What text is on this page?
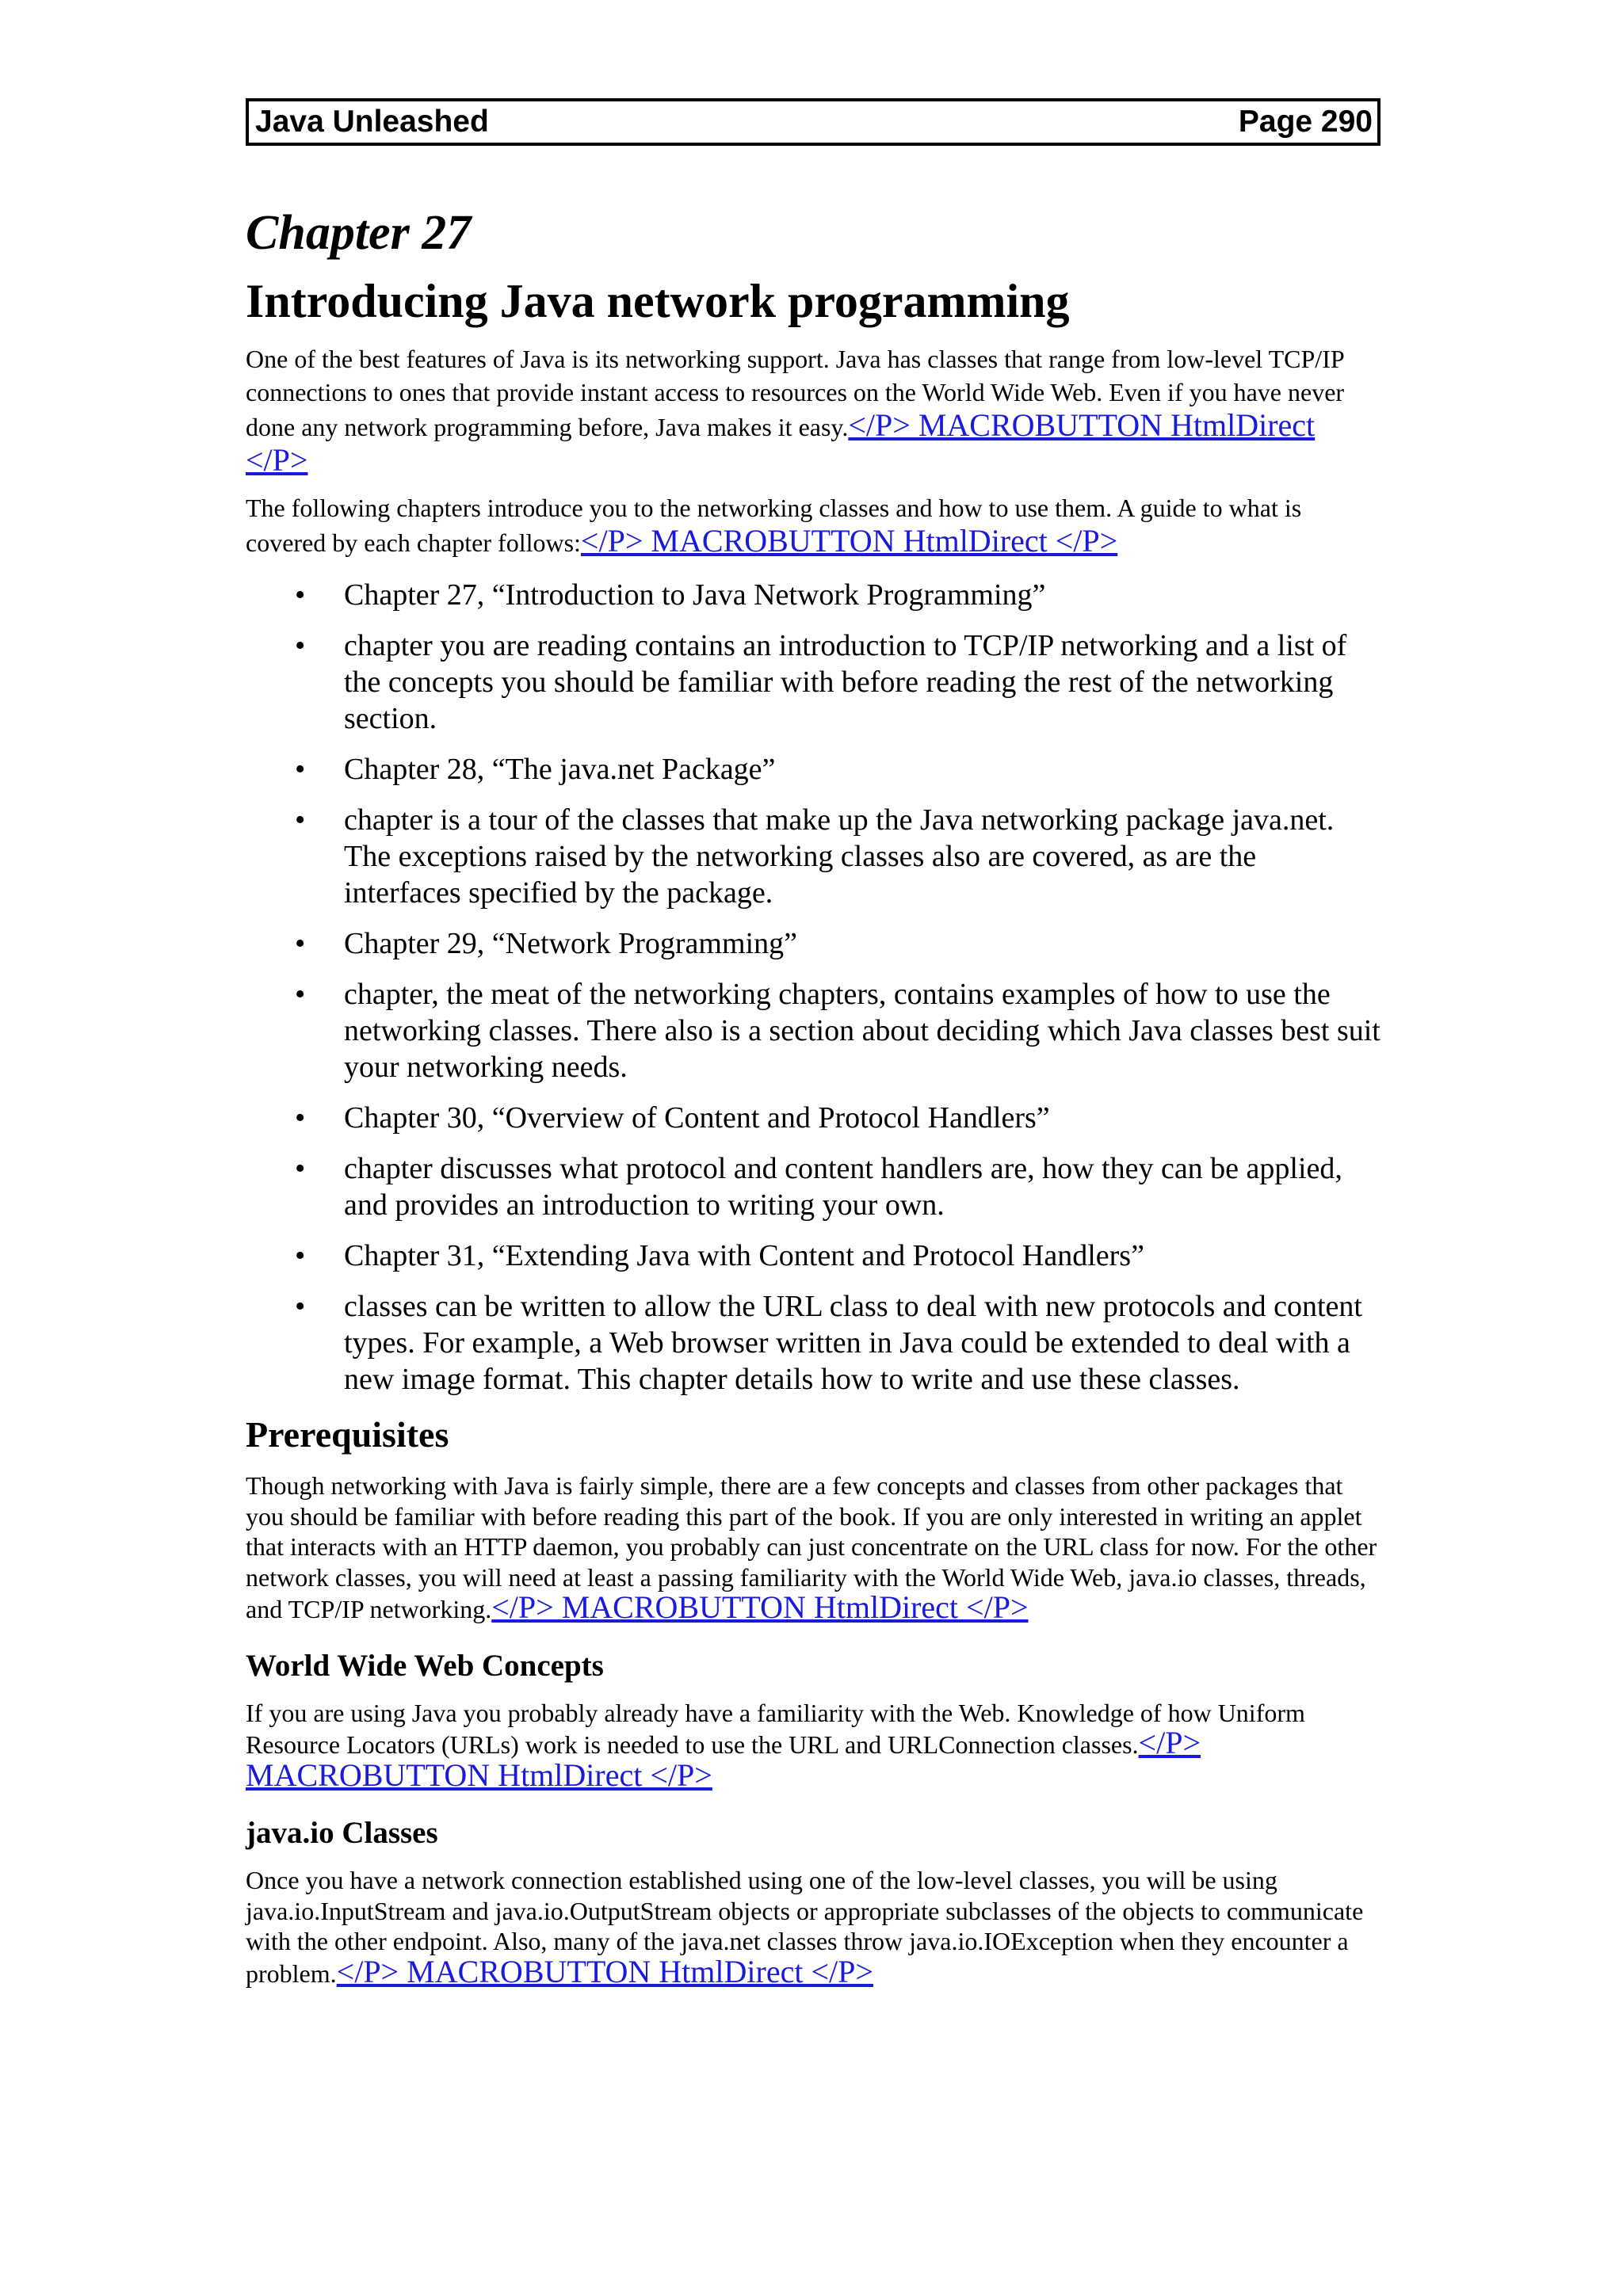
Java Unleashed	Page 290
Chapter 27
Introducing Java network programming

One of the best features of Java is its networking support. Java has classes that range from low-level TCP/IP connections to ones that provide instant access to resources on the World Wide Web. Even if you have never done any network programming before, Java makes it easy.</P> MACROBUTTON HtmlDirect </P>

The following chapters introduce you to the networking classes and how to use them. A guide to what is covered by each chapter follows:</P> MACROBUTTON HtmlDirect </P>

• Chapter 27, “Introduction to Java Network Programming”
• chapter you are reading contains an introduction to TCP/IP networking and a list of the concepts you should be familiar with before reading the rest of the networking section.
• Chapter 28, “The java.net Package”
• chapter is a tour of the classes that make up the Java networking package java.net. The exceptions raised by the networking classes also are covered, as are the interfaces specified by the package.
• Chapter 29, “Network Programming”
• chapter, the meat of the networking chapters, contains examples of how to use the networking classes. There also is a section about deciding which Java classes best suit your networking needs.
• Chapter 30, “Overview of Content and Protocol Handlers”
• chapter discusses what protocol and content handlers are, how they can be applied, and provides an introduction to writing your own.
• Chapter 31, “Extending Java with Content and Protocol Handlers”
• classes can be written to allow the URL class to deal with new protocols and content types. For example, a Web browser written in Java could be extended to deal with a new image format. This chapter details how to write and use these classes.
Prerequisites

Though networking with Java is fairly simple, there are a few concepts and classes from other packages that you should be familiar with before reading this part of the book. If you are only interested in writing an applet that interacts with an HTTP daemon, you probably can just concentrate on the URL class for now. For the other network classes, you will need at least a passing familiarity with the World Wide Web, java.io classes, threads, and TCP/IP networking.</P> MACROBUTTON HtmlDirect </P>

World Wide Web Concepts

If you are using Java you probably already have a familiarity with the Web. Knowledge of how Uniform Resource Locators (URLs) work is needed to use the URL and URLConnection classes.</P> MACROBUTTON HtmlDirect </P>

java.io Classes

Once you have a network connection established using one of the low-level classes, you will be using java.io.InputStream and java.io.OutputStream objects or appropriate subclasses of the objects to communicate with the other endpoint. Also, many of the java.net classes throw java.io.IOException when they encounter a problem.</P> MACROBUTTON HtmlDirect </P>
